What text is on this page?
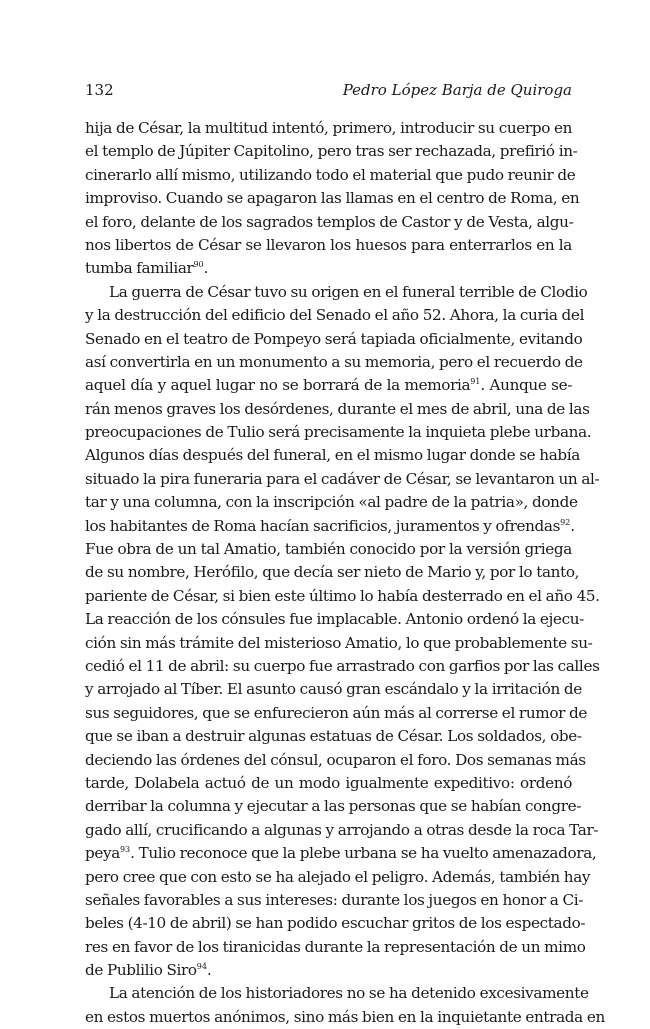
132	Pedro López Barja de Quiroga
hija de César, la multitud intentó, primero, introducir su cuerpo en
el templo de Júpiter Capitolino, pero tras ser rechazada, prefirió in-
cinerarlo allí mismo, utilizando todo el material que pudo reunir de
improviso. Cuando se apagaron las llamas en el centro de Roma, en
el foro, delante de los sagrados templos de Castor y de Vesta, algu-
nos libertos de César se llevaron los huesos para enterrarlos en la
tumba familiar$^{90}$.
La guerra de César tuvo su origen en el funeral terrible de Clodio
y la destrucción del edificio del Senado el año 52. Ahora, la curia del
Senado en el teatro de Pompeyo será tapiada oficialmente, evitando
así convertirla en un monumento a su memoria, pero el recuerdo de
aquel día y aquel lugar no se borrará de la memoria$^{91}$. Aunque se-
rán menos graves los desórdenes, durante el mes de abril, una de las
preocupaciones de Tulio será precisamente la inquieta plebe urbana.
Algunos días después del funeral, en el mismo lugar donde se había
situado la pira funeraria para el cadáver de César, se levantaron un al-
tar y una columna, con la inscripción «al padre de la patria», donde
los habitantes de Roma hacían sacrificios, juramentos y ofrendas$^{92}$.
Fue obra de un tal Amatio, también conocido por la versión griega
de su nombre, Herófilo, que decía ser nieto de Mario y, por lo tanto,
pariente de César, si bien este último lo había desterrado en el año 45.
La reacción de los cónsules fue implacable. Antonio ordenó la ejecu-
ción sin más trámite del misterioso Amatio, lo que probablemente su-
cedió el 11 de abril: su cuerpo fue arrastrado con garfios por las calles
y arrojado al Tíber. El asunto causó gran escándalo y la irritación de
sus seguidores, que se enfurecieron aún más al correrse el rumor de
que se iban a destruir algunas estatuas de César. Los soldados, obe-
deciendo las órdenes del cónsul, ocuparon el foro. Dos semanas más
tarde, Dolabela actuó de un modo igualmente expeditivo: ordenó
derribar la columna y ejecutar a las personas que se habían congre-
gado allí, crucificando a algunas y arrojando a otras desde la roca Tar-
peya$^{93}$. Tulio reconoce que la plebe urbana se ha vuelto amenazadora,
pero cree que con esto se ha alejado el peligro. Además, también hay
señales favorables a sus intereses: durante los juegos en honor a Ci-
beles (4-10 de abril) se han podido escuchar gritos de los espectado-
res en favor de los tiranicidas durante la representación de un mimo
de Publilio Siro$^{94}$.
La atención de los historiadores no se ha detenido excesivamente
en estos muertos anónimos, sino más bien en la inquietante entrada en
